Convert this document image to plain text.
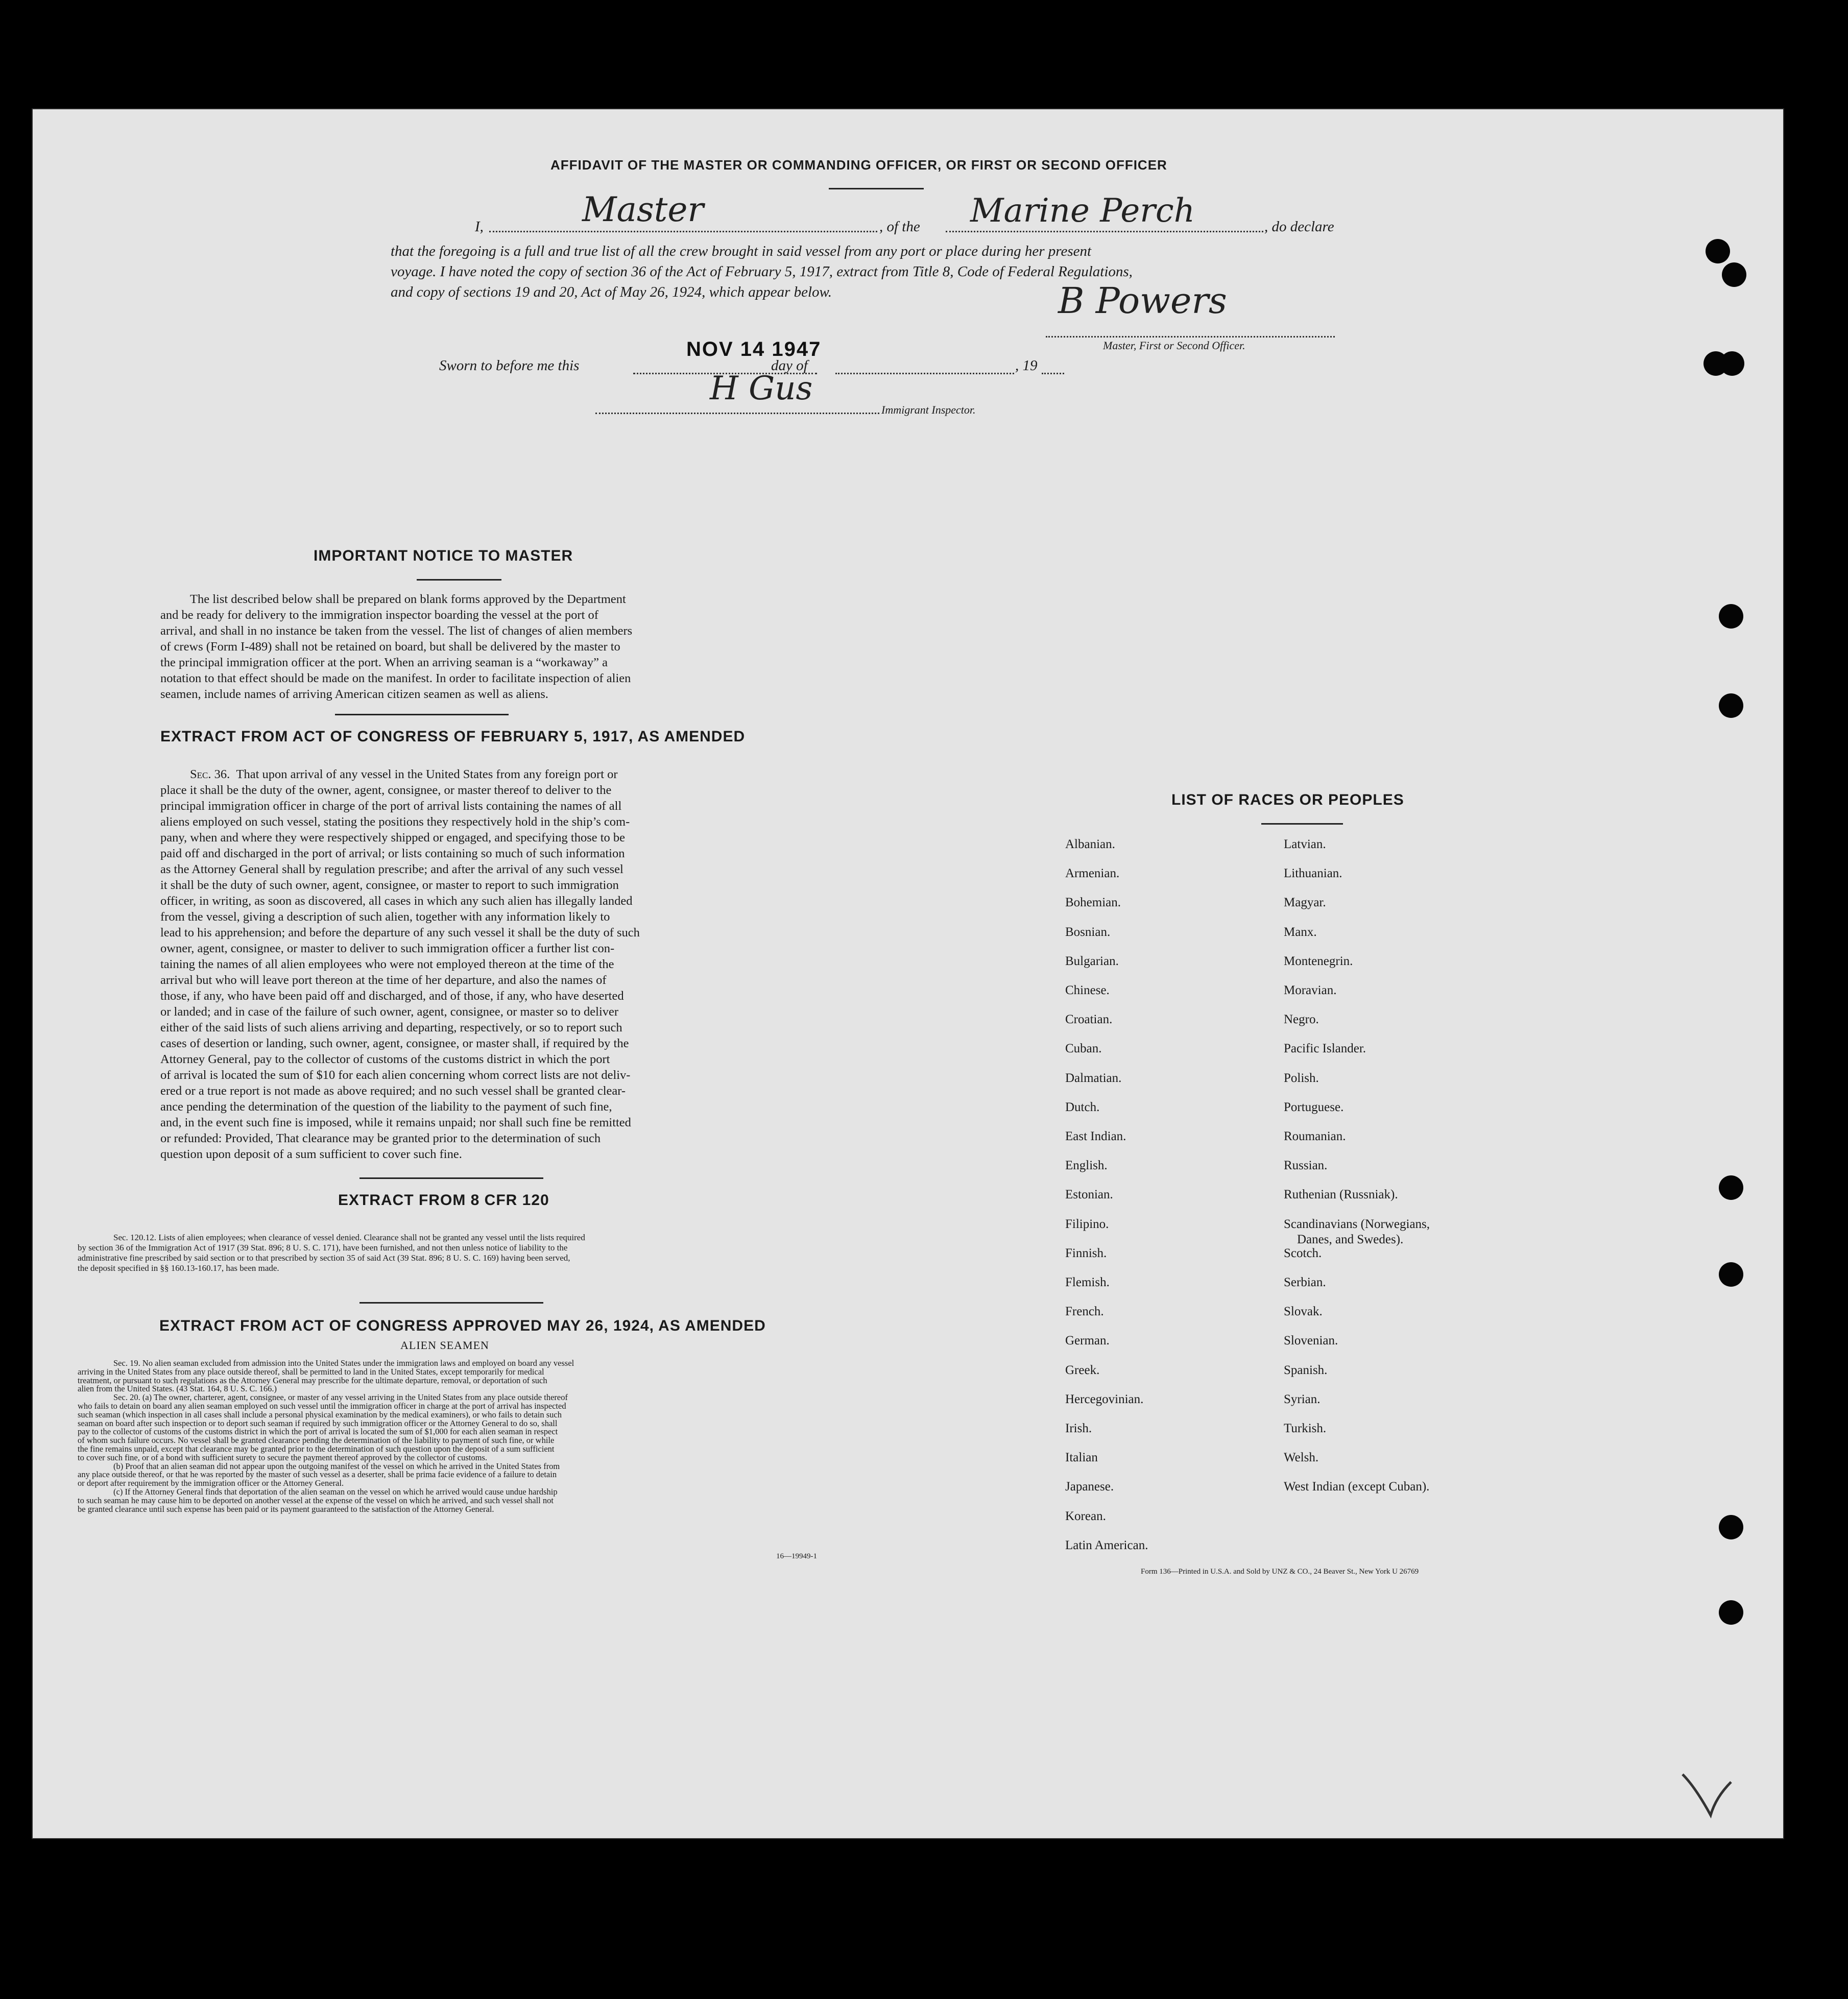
AFFIDAVIT OF THE MASTER OR COMMANDING OFFICER, OR FIRST OR SECOND OFFICER
I,	Master	, of the Marine Perch	, do declare
that the foregoing is a full and true list of all the crew brought in said vessel from any port or place during her present
voyage. I have noted the copy of section 36 of the Act of February 5, 1917, extract from Title 8, Code of Federal Regulations,
and copy of sections 19 and 20, Act of May 26, 1924, which appear below.	B Powers
Master, First or Second Officer.
Sworn to before me this
NOV 14 1947
day of	, 19
H Gus
Immigrant Inspector.
IMPORTANT NOTICE TO MASTER
The list described below shall be prepared on blank forms approved by the Department
and be ready for delivery to the immigration inspector boarding the vessel at the port of
arrival, and shall in no instance be taken from the vessel. The list of changes of alien members
of crews (Form I-489) shall not be retained on board, but shall be delivered by the master to
the principal immigration officer at the port. When an arriving seaman is a “workaway” a
notation to that effect should be made on the manifest. In order to facilitate inspection of alien
seamen, include names of arriving American citizen seamen as well as aliens.
EXTRACT FROM ACT OF CONGRESS OF FEBRUARY 5, 1917, AS AMENDED
Sec. 36. That upon arrival of any vessel in the United States from any foreign port or
place it shall be the duty of the owner, agent, consignee, or master thereof to deliver to the
principal immigration officer in charge of the port of arrival lists containing the names of all
aliens employed on such vessel, stating the positions they respectively hold in the ship’s com-
pany, when and where they were respectively shipped or engaged, and specifying those to be
paid off and discharged in the port of arrival; or lists containing so much of such information
as the Attorney General shall by regulation prescribe; and after the arrival of any such vessel
it shall be the duty of such owner, agent, consignee, or master to report to such immigration
officer, in writing, as soon as discovered, all cases in which any such alien has illegally landed
from the vessel, giving a description of such alien, together with any information likely to
lead to his apprehension; and before the departure of any such vessel it shall be the duty of such
owner, agent, consignee, or master to deliver to such immigration officer a further list con-
taining the names of all alien employees who were not employed thereon at the time of the
arrival but who will leave port thereon at the time of her departure, and also the names of
those, if any, who have been paid off and discharged, and of those, if any, who have deserted
or landed; and in case of the failure of such owner, agent, consignee, or master so to deliver
either of the said lists of such aliens arriving and departing, respectively, or so to report such
cases of desertion or landing, such owner, agent, consignee, or master shall, if required by the
Attorney General, pay to the collector of customs of the customs district in which the port
of arrival is located the sum of $10 for each alien concerning whom correct lists are not deliv-
ered or a true report is not made as above required; and no such vessel shall be granted clear-
ance pending the determination of the question of the liability to the payment of such fine,
and, in the event such fine is imposed, while it remains unpaid; nor shall such fine be remitted
or refunded: Provided, That clearance may be granted prior to the determination of such
question upon deposit of a sum sufficient to cover such fine.
EXTRACT FROM 8 CFR 120
Sec. 120.12. Lists of alien employees; when clearance of vessel denied. Clearance shall not be granted any vessel until the lists required
by section 36 of the Immigration Act of 1917 (39 Stat. 896; 8 U. S. C. 171), have been furnished, and not then unless notice of liability to the
administrative fine prescribed by said section or to that prescribed by section 35 of said Act (39 Stat. 896; 8 U. S. C. 169) having been served,
the deposit specified in §§ 160.13-160.17, has been made.
EXTRACT FROM ACT OF CONGRESS APPROVED MAY 26, 1924, AS AMENDED
ALIEN SEAMEN
Sec. 19. No alien seaman excluded from admission into the United States under the immigration laws and employed on board any vessel
arriving in the United States from any place outside thereof, shall be permitted to land in the United States, except temporarily for medical
treatment, or pursuant to such regulations as the Attorney General may prescribe for the ultimate departure, removal, or deportation of such
alien from the United States. (43 Stat. 164, 8 U. S. C. 166.)
Sec. 20. (a) The owner, charterer, agent, consignee, or master of any vessel arriving in the United States from any place outside thereof
who fails to detain on board any alien seaman employed on such vessel until the immigration officer in charge at the port of arrival has inspected
such seaman (which inspection in all cases shall include a personal physical examination by the medical examiners), or who fails to detain such
seaman on board after such inspection or to deport such seaman if required by such immigration officer or the Attorney General to do so, shall
pay to the collector of customs of the customs district in which the port of arrival is located the sum of $1,000 for each alien seaman in respect
of whom such failure occurs. No vessel shall be granted clearance pending the determination of the liability to payment of such fine, or while
the fine remains unpaid, except that clearance may be granted prior to the determination of such question upon the deposit of a sum sufficient
to cover such fine, or of a bond with sufficient surety to secure the payment thereof approved by the collector of customs.
(b) Proof that an alien seaman did not appear upon the outgoing manifest of the vessel on which he arrived in the United States from
any place outside thereof, or that he was reported by the master of such vessel as a deserter, shall be prima facie evidence of a failure to detain
or deport after requirement by the immigration officer or the Attorney General.
(c) If the Attorney General finds that deportation of the alien seaman on the vessel on which he arrived would cause undue hardship
to such seaman he may cause him to be deported on another vessel at the expense of the vessel on which he arrived, and such vessel shall not
be granted clearance until such expense has been paid or its payment guaranteed to the satisfaction of the Attorney General.
16—19949-1
LIST OF RACES OR PEOPLES
Albanian.
Armenian.
Bohemian.
Bosnian.
Bulgarian.
Chinese.
Croatian.
Cuban.
Dalmatian.
Dutch.
East Indian.
English.
Estonian.
Filipino.
Finnish.
Flemish.
French.
German.
Greek.
Hercegovinian.
Irish.
Italian
Japanese.
Korean.
Latin American.
Latvian.
Lithuanian.
Magyar.
Manx.
Montenegrin.
Moravian.
Negro.
Pacific Islander.
Polish.
Portuguese.
Roumanian.
Russian.
Ruthenian (Russniak).
Scandinavians (Norwegians,
Danes, and Swedes).
Scotch.
Serbian.
Slovak.
Slovenian.
Spanish.
Syrian.
Turkish.
Welsh.
West Indian (except Cuban).
Form 136—Printed in U.S.A. and Sold by UNZ & CO., 24 Beaver St., New York U 26769
